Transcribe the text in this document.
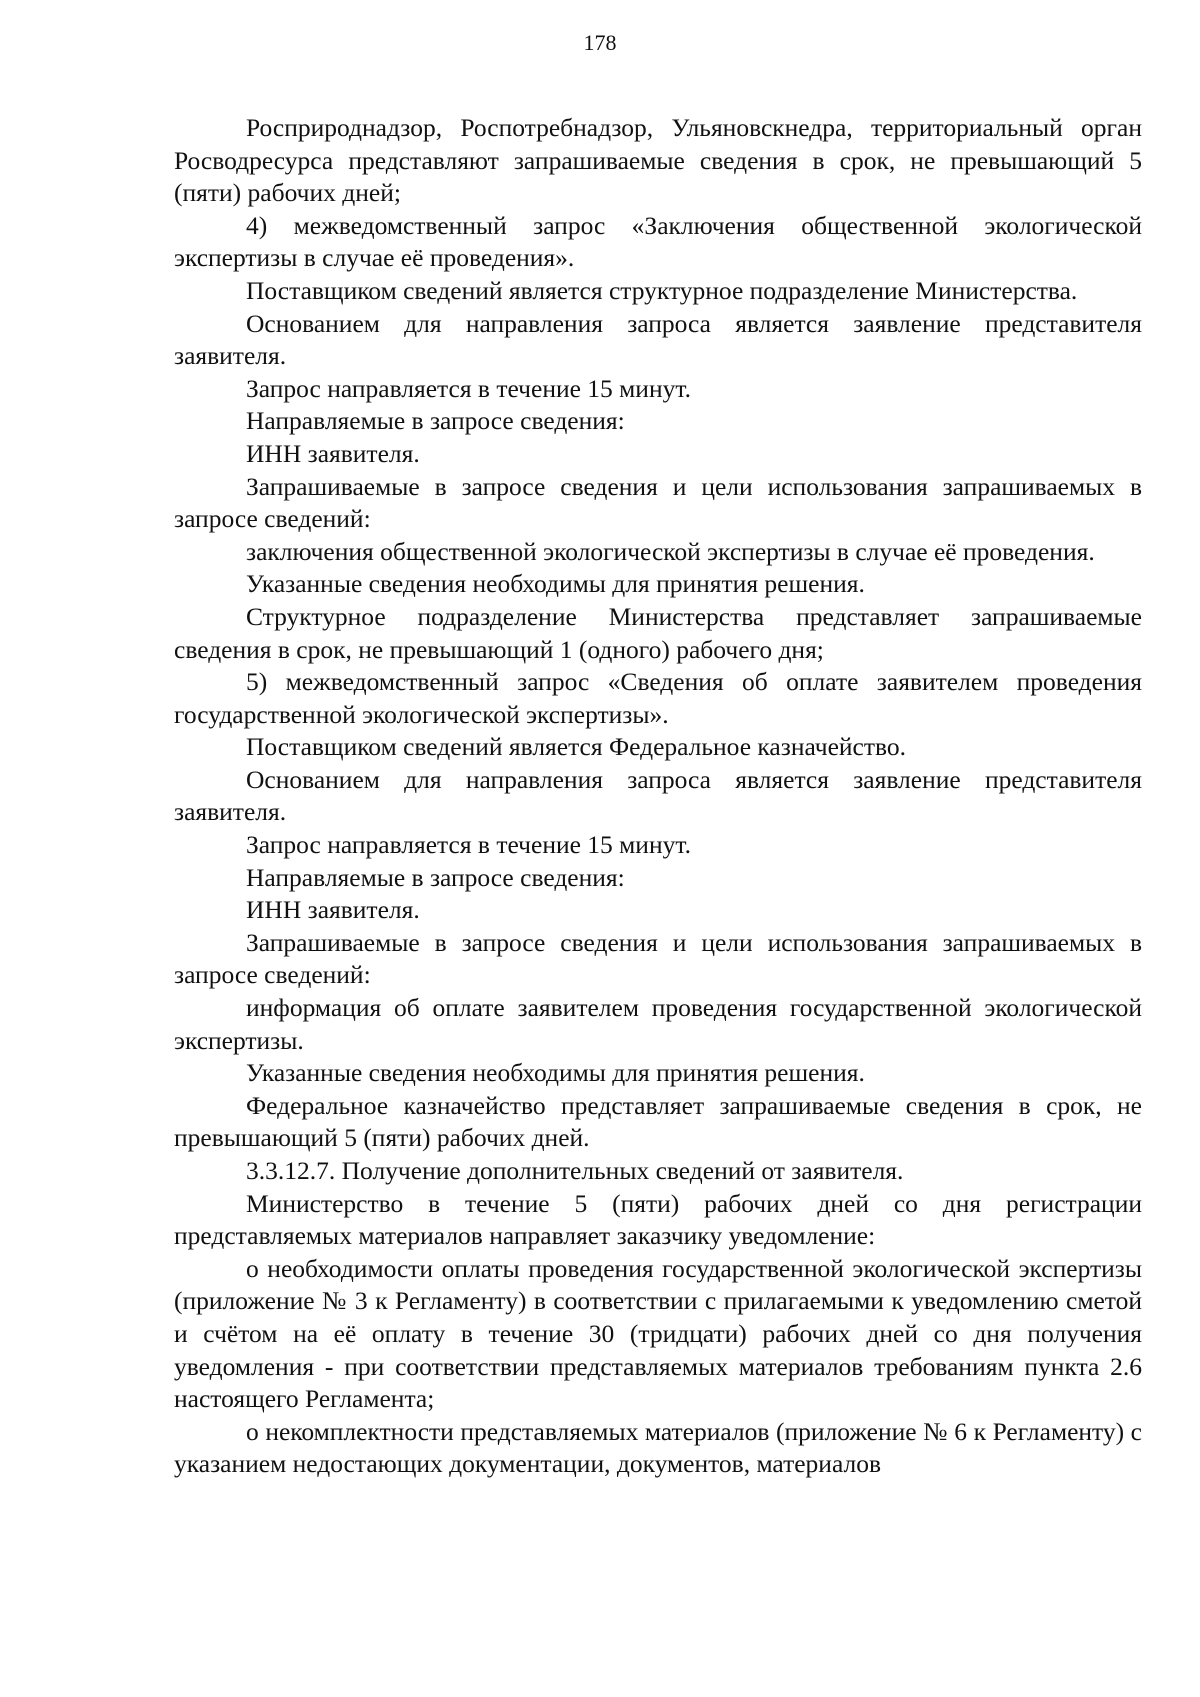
178

Росприроднадзор, Роспотребнадзор, Ульяновскнедра, территориальный орган Росводресурса представляют запрашиваемые сведения в срок, не превышающий 5 (пяти) рабочих дней;

4) межведомственный запрос «Заключения общественной экологической экспертизы в случае её проведения».

Поставщиком сведений является структурное подразделение Министерства.

Основанием для направления запроса является заявление представителя заявителя.

Запрос направляется в течение 15 минут.

Направляемые в запросе сведения:

ИНН заявителя.

Запрашиваемые в запросе сведения и цели использования запрашиваемых в запросе сведений:

заключения общественной экологической экспертизы в случае её проведения.

Указанные сведения необходимы для принятия решения.

Структурное подразделение Министерства представляет запрашиваемые сведения в срок, не превышающий 1 (одного) рабочего дня;

5) межведомственный запрос «Сведения об оплате заявителем проведения государственной экологической экспертизы».

Поставщиком сведений является Федеральное казначейство.

Основанием для направления запроса является заявление представителя заявителя.

Запрос направляется в течение 15 минут.

Направляемые в запросе сведения:

ИНН заявителя.

Запрашиваемые в запросе сведения и цели использования запрашиваемых в запросе сведений:

информация об оплате заявителем проведения государственной экологической экспертизы.

Указанные сведения необходимы для принятия решения.

Федеральное казначейство представляет запрашиваемые сведения в срок, не превышающий 5 (пяти) рабочих дней.

3.3.12.7. Получение дополнительных сведений от заявителя.

Министерство в течение 5 (пяти) рабочих дней со дня регистрации представляемых материалов направляет заказчику уведомление:

о необходимости оплаты проведения государственной экологической экспертизы (приложение № 3 к Регламенту) в соответствии с прилагаемыми к уведомлению сметой и счётом на её оплату в течение 30 (тридцати) рабочих дней со дня получения уведомления - при соответствии представляемых материалов требованиям пункта 2.6 настоящего Регламента;

о некомплектности представляемых материалов (приложение № 6 к Регламенту) с указанием недостающих документации, документов, материалов
